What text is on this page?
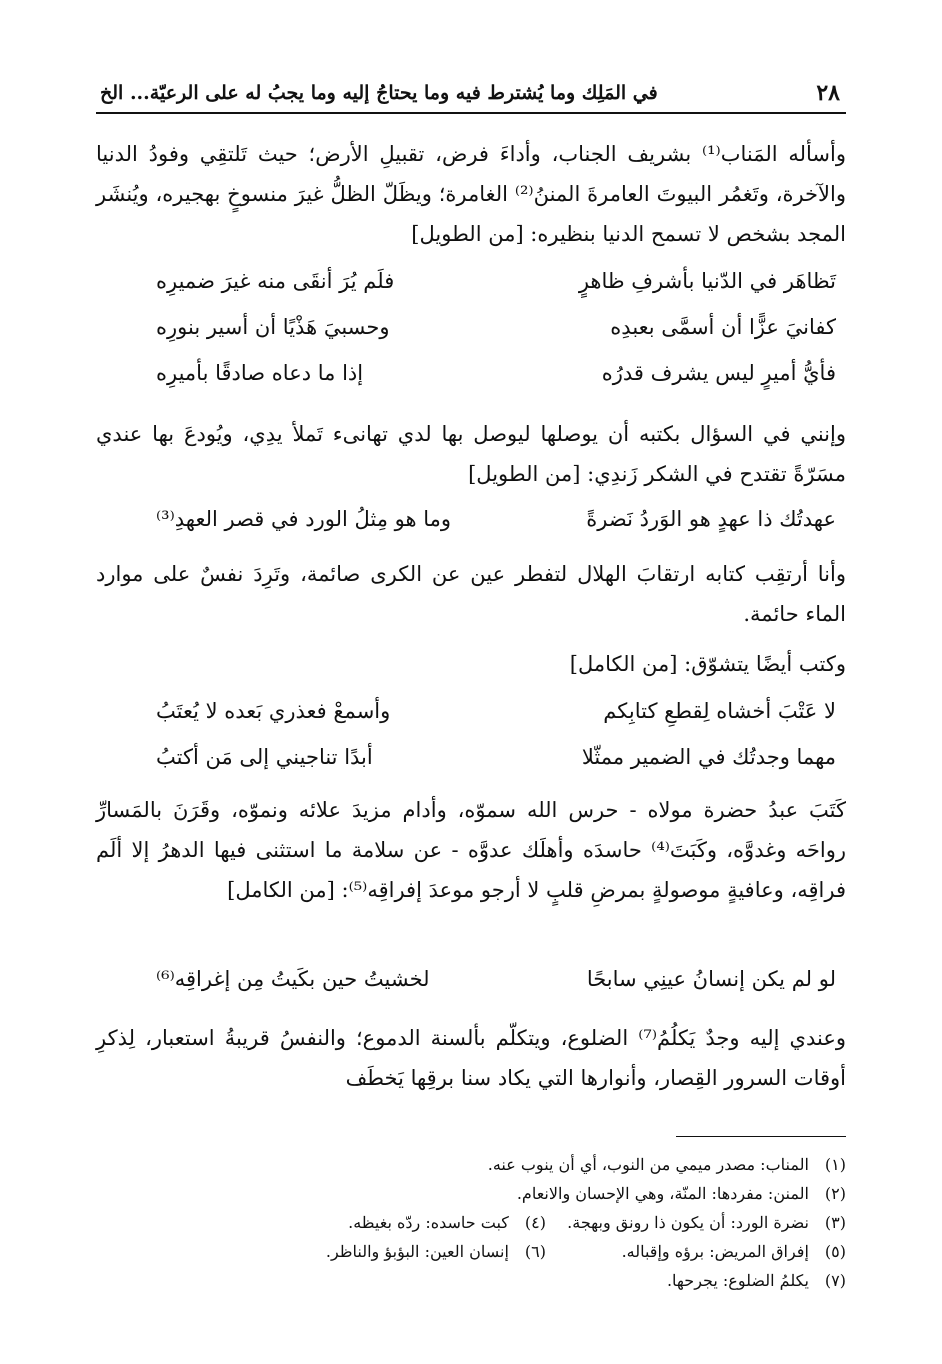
٢٨
في المَلِك وما يُشترط فيه وما يحتاجُ إليه وما يجبُ له على الرعيّة... الخ

وأسأله المَناب⁽¹⁾ بشريف الجناب، وأداءَ فرض، تقبيلِ الأرض؛ حيث تَلتقِي وفودُ الدنيا والآخرة، وتَغمُر البيوتَ العامرةَ المننُ⁽²⁾ الغامرة؛ ويظَلّ الظلُّ غيرَ منسوخٍ بهجيره، ويُنشَر المجد بشخص لا تسمح الدنيا بنظيره: [من الطويل]

تَظاهَر في الدّنيا بأشرفِ ظاهرٍ
فلَم يُرَ أنقَى منه غيرَ ضميرِه
كفانيَ عزًّا أن أسمَّى بعبدِه
وحسبيَ هَذْيًا أن أسير بنورِه
فأيُّ أميرٍ ليس يشرف قدرُه
إذا ما دعاه صادقًا بأميرِه

وإنني في السؤال بكتبه أن يوصلها ليوصل بها لدي تهانىء تَملأ يدِي، ويُودعَ بها عندي مسَرّةً تقتدح في الشكر زَندِي: [من الطويل]

عهدتُك ذا عهدٍ هو الوَردُ نَضرةً
وما هو مِثلُ الورد في قصر العهدِ⁽³⁾

وأنا أرتقِب كتابه ارتقابَ الهلال لتفطر عين عن الكرى صائمة، وتَرِدَ نفسٌ على موارد الماء حائمة.

وكتب أيضًا يتشوّق: [من الكامل]

لا عَتْبَ أخشاه لِقطعِ كتابِكم
وأسمعْ فعذري بَعده لا يُعتَبُ
مهما وجدتُك في الضمير ممثّلا
أبدًا تناجيني إلى مَن أكتبُ

كَتَبَ عبدُ حضرة مولاه - حرس الله سموّه، وأدام مزيدَ علائه ونموّه، وقَرَنَ بالمَسارِّ رواحَه وغدوَّه، وكَبَتَ⁽⁴⁾ حاسدَه وأهلَك عدوَّه - عن سلامة ما استثنى فيها الدهرُ إلا ألَم فراقِه، وعافيةٍ موصولةٍ بمرضِ قلبٍ لا أرجو موعدَ إفراقِه⁽⁵⁾: [من الكامل]

لو لم يكن إنسانُ عينِي سابحًا
لخشيتُ حين بكَيتُ مِن إغراقِه⁽⁶⁾

وعندي إليه وجدٌ يَكلُمُ⁽⁷⁾ الضلوع، ويتكلّم بألسنة الدموع؛ والنفسُ قريبةُ استعبار، لِذكرِ أوقات السرور القِصار، وأنوارها التي يكاد سنا برقِها يَخطَف

(١) المناب: مصدر ميمي من النوب، أي أن ينوب عنه.
(٢) المنن: مفردها: المنّة، وهي الإحسان والانعام.
(٣) نضرة الورد: أن يكون ذا رونق وبهجة.
(٤) كبت حاسده: ردّه بغيظه.
(٥) إفراق المريض: برؤه وإقباله.
(٦) إنسان العين: البؤبؤ والناظر.
(٧) يكلمُ الضلوع: يجرحها.
